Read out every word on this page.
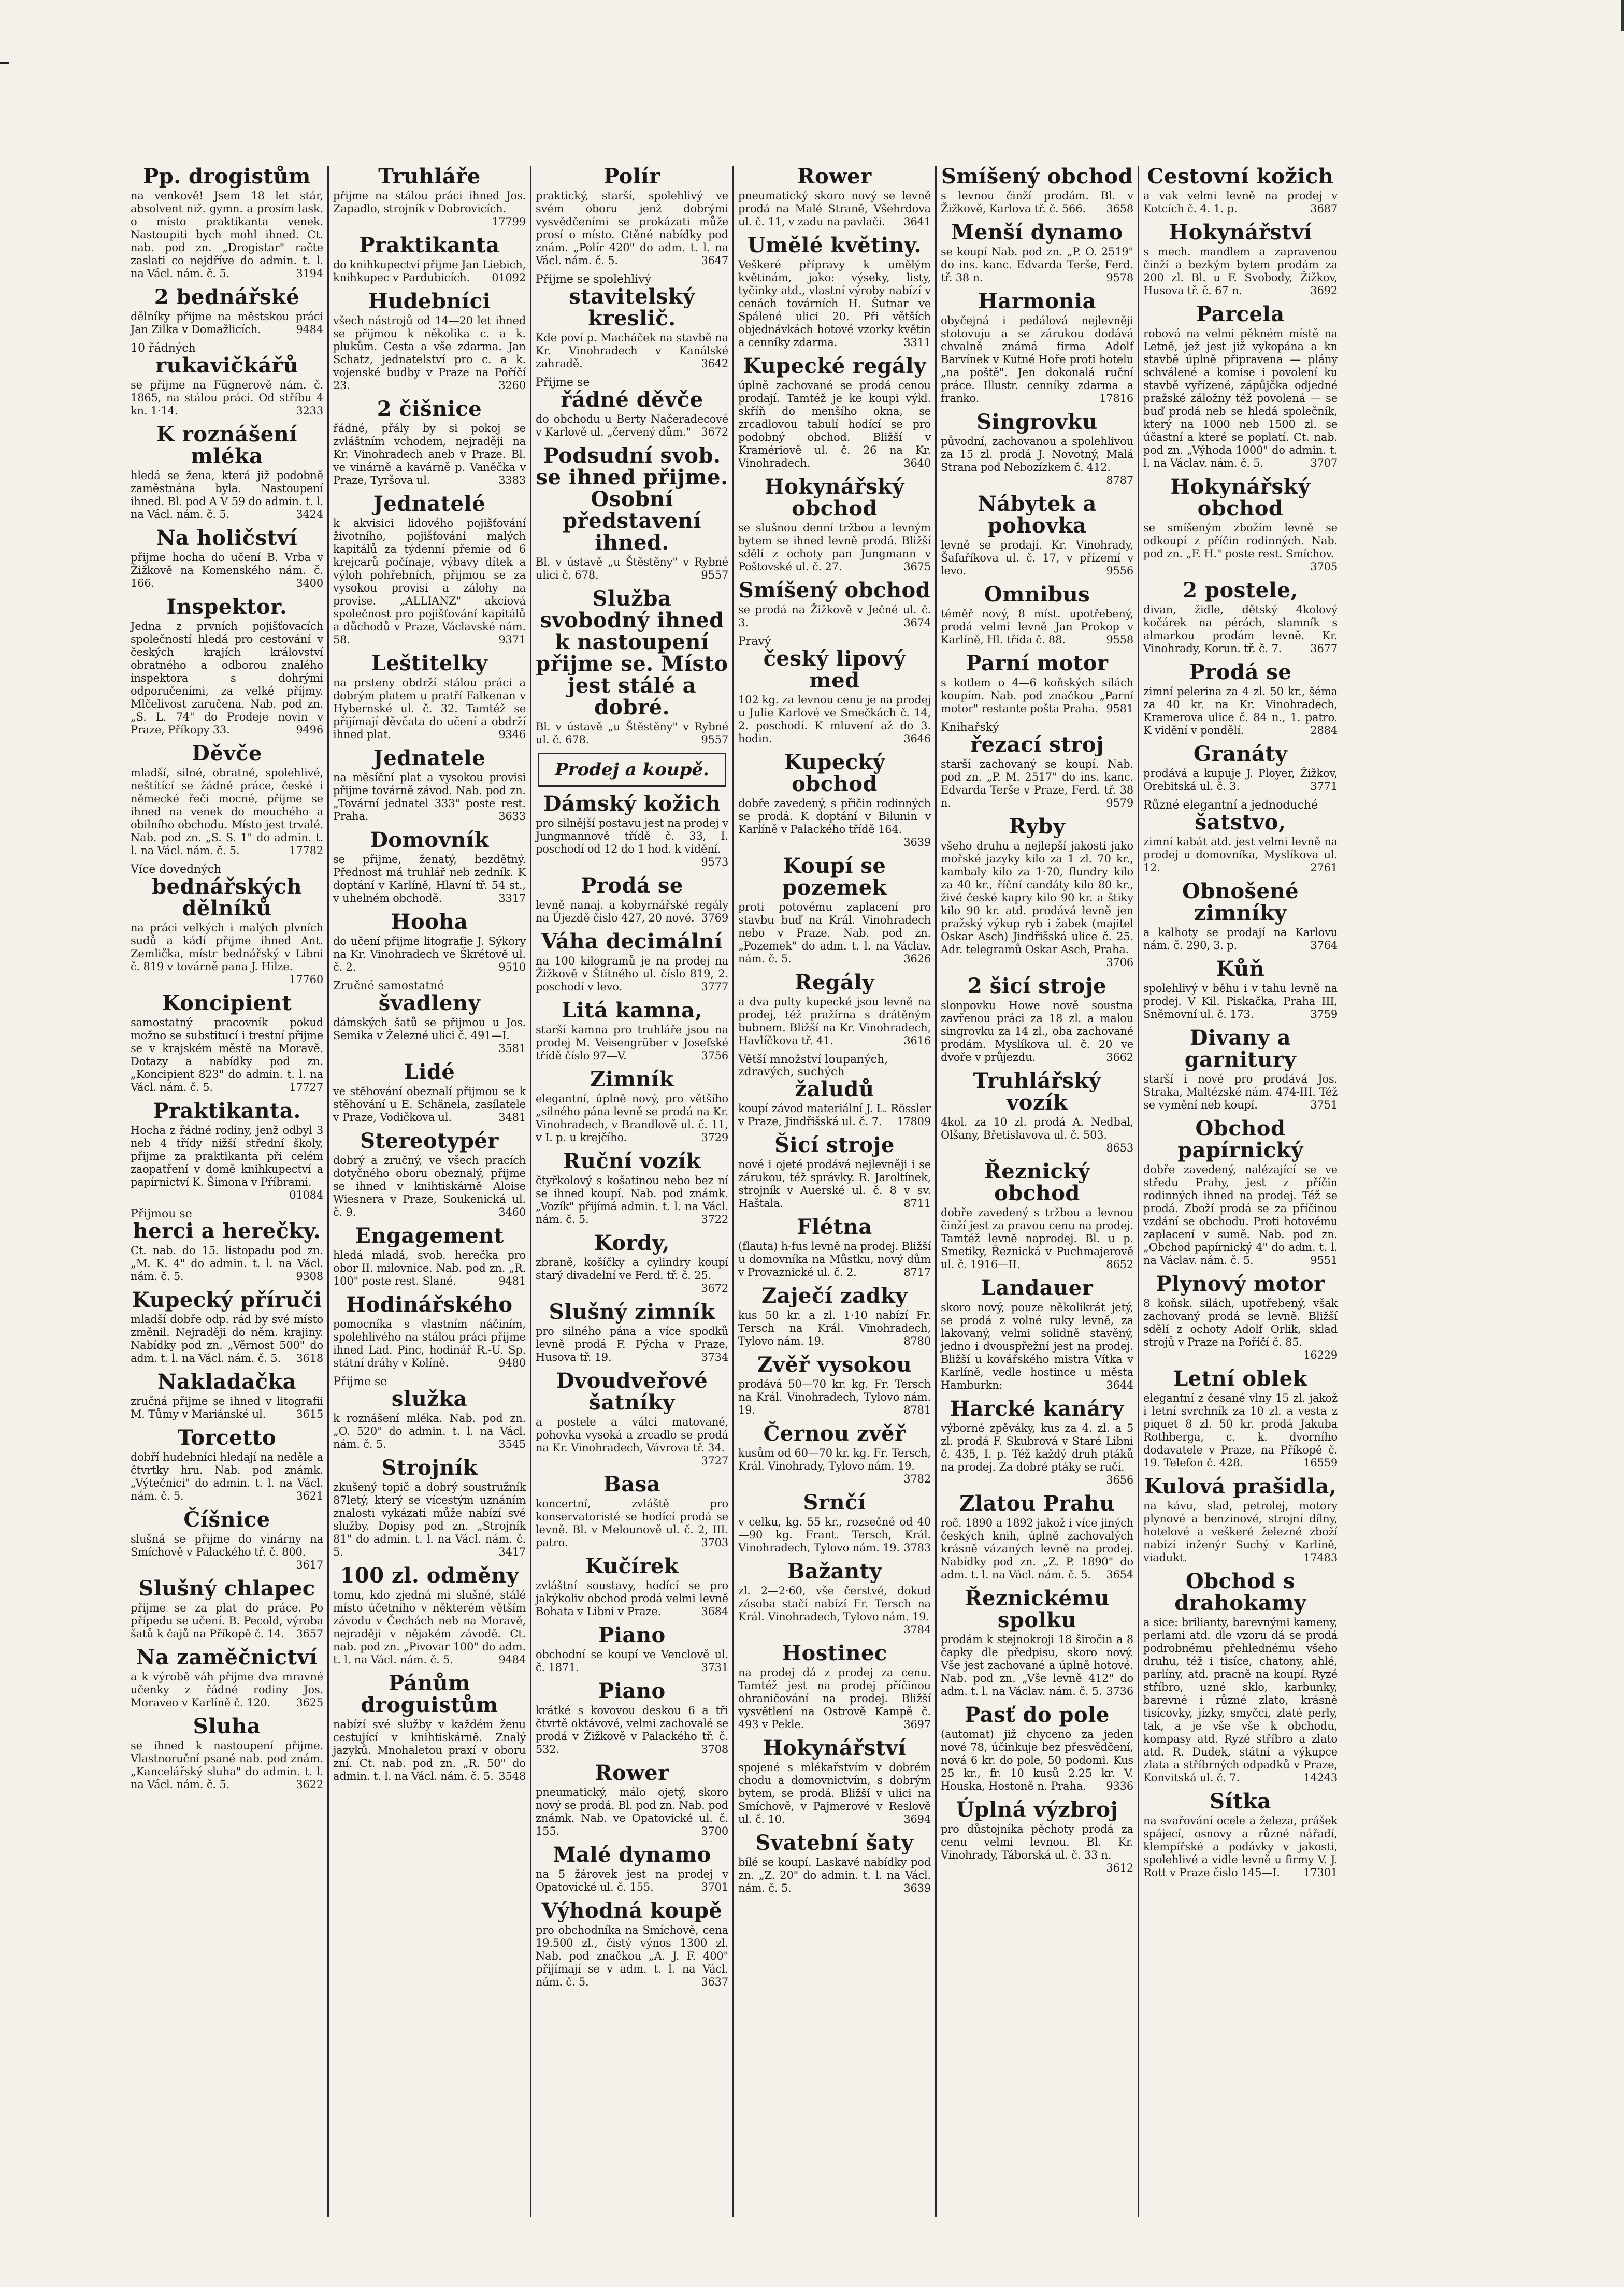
Pp. drogistům

na venkově! Jsem 18 let stár, absolvent niž. gymn. a prosím lask. o místo praktikanta venek. Nastoupiti bych mohl ihned. Ct. nab. pod zn. „Drogistar" račte zaslati co nejdříve do admin. t. l. na Václ. nám. č. 5.	3194

2 bednářské

dělníky přijme na městskou práci Jan Zilka v Domažlicích.	9484

10 řádných
rukavičkářů

se přijme na Fügnerově nám. č. 1865, na stálou práci. Od stříbu 4 kn. 1·14.	3233

K roznášení mléka

hledá se žena, která již podobně zaměstnána byla. Nastoupení ihned. Bl. pod A V 59 do admin. t. l. na Václ. nám. č. 5.	3424

Na holičství

přijme hocha do učení B. Vrba v Žižkově na Komenského nám. č. 166.	3400

Inspektor.

Jedna z prvních pojišťovacích společností hledá pro cestování v českých krajích království obratného a odborou znalého inspektora s dohrými odporučeními, za velké příjmy. Mlčelivost zaručena. Nab. pod zn. „S. L. 74" do Prodeje novin v Praze, Příkopy 33.	9496

Děvče

mladší, silné, obratné, spolehlivé, neštítící se žádné práce, české i německé řeči mocné, přijme se ihned na venek do mouchého a obilního obchodu. Místo jest trvalé. Nab. pod zn. „S. S. 1" do admin. t. l. na Václ. nám. č. 5.	17782

Více dovedných
bednářských dělníků

na práci velkých i malých plvních sudů a kádí přijme ihned Ant. Zemlička, místr bednářský v Libni č. 819 v továrně pana J. Hilze.
17760

Koncipient

samostatný pracovník pokud možno se substitucí i trestní přijme se v krajském městě na Moravě. Dotazy a nabídky pod zn. „Koncipient 823" do admin. t. l. na Václ. nám. č. 5.	17727

Praktikanta.

Hocha z řádné rodiny, jenž odbyl 3 neb 4 třídy nižší střední školy, přijme za praktikanta při celém zaopatření v domě knihkupectví a papírnictví K. Šimona v Příbrami.
01084

Přijmou se
herci a herečky.

Ct. nab. do 15. listopadu pod zn. „M. K. 4" do admin. t. l. na Václ. nám. č. 5.	9308

Kupecký příruči

mladší dobře odp. rád by své místo změnil. Nejraději do něm. krajiny. Nabídky pod zn. „Věrnost 500" do adm. t. l. na Václ. nám. č. 5. 3618

Nakladačka

zručná přijme se ihned v litografii M. Tůmy v Mariánské ul.	3615

Torcetto

dobří hudebníci hledají na neděle a čtvrtky hru. Nab. pod známk. „Výtečnici" do admin. t. l. na Václ. nám. č. 5.	3621

Číšnice

slušná se přijme do vinárny na Smíchově v Palackého tř. č. 800.
3617

Slušný chlapec

přijme se za plat do práce. Po přípedu se učení. B. Pecold, výroba šatů k čajů na Příkopě č. 14. 3657

Na zaměčnictví

a k výrobě váh přijme dva mravné učenky z řádné rodiny Jos. Moraveo v Karlíně č. 120. 3625

Sluha

se ihned k nastoupení přijme. Vlastnoruční psané nab. pod znám. „Kancelářský sluha" do admin. t. l. na Václ. nám. č. 5.	3622

Truhláře

přijme na stálou práci ihned Jos. Zapadlo, strojník v Dobrovicích.
17799

Praktikanta

do knihkupectví přijme Jan Liebich, knihkupec v Pardubicích. 01092

Hudebníci

všech nástrojů od 14—20 let ihned se přijmou k několika c. a k. plukům. Cesta a vše zdarma. Jan Schatz, jednatelství pro c. a k. vojenské budby v Praze na Poříčí 23.	3260

2 čišnice

řádné, přály by si pokoj se zvláštním vchodem, nejraději na Kr. Vinohradech aneb v Praze. Bl. ve vinárně a kavárně p. Vaněčka v Praze, Tyršova ul.	3383

Jednatelé

k akvisici lidového pojišťování životního, pojišťování malých kapitálů za týdenní přemie od 6 krejcarů počínaje, výbavy dítek a výloh pohřebních, přijmou se za vysokou provisi a zálohy na provise. „ALLIANZ" akciová společnost pro pojišťování kapitálů a důchodů v Praze, Václavské nám. 58.	9371

Leštitelky

na prsteny obdrží stálou práci a dobrým platem u pratří Falkenan v Hybernské ul. č. 32. Tamtéž se přijímají děvčata do učení a obdrží ihned plat.	9346

Jednatele

na měsíční plat a vysokou provisi přijme továrně závod. Nab. pod zn. „Tovární jednatel 333" poste rest. Praha.	3633

Domovník

se přijme, ženatý, bezdětný. Přednost má truhlář neb zedník. K doptání v Karlíně, Hlavní tř. 54 st., v uhelném obchodě.	3317

Hooha

do učení přijme litografie J. Sýkory na Kr. Vinohradech ve Škrétově ul. č. 2.	9510

Zručné samostatné
švadleny

dámských šatů se přijmou u Jos. Semika v Železné ulici č. 491—I.
3581

Lidé

ve stěhování obeznalí přijmou se k stěhování u E. Schänela, zasílatele v Praze, Vodičkova ul.	3481

Stereotypér

dobrý a zručný, ve všech pracích dotyčného oboru obeznalý, přijme se ihned v knihtiskárně Aloise Wiesnera v Praze, Soukenická ul. č. 9.	3460

Engagement

hledá mladá, svob. herečka pro obor II. milovnice. Nab. pod zn. „R. 100" poste rest. Slané.	9481

Hodinářského

pomocníka s vlastním náčiním, spolehlivého na stálou práci přijme ihned Lad. Pinc, hodinář R.-U. Sp. státní dráhy v Kolíně.	9480

Přijme se
služka

k roznášení mléka. Nab. pod zn. „O. 520" do admin. t. l. na Václ. nám. č. 5.	3545

Strojník

zkušený topič a dobrý soustružník 87letý, který se vícestým uznáním znalosti vykázati může nabízí své služby. Dopisy pod zn. „Strojník 81" do admin. t. l. na Václ. nám. č. 5.	3417

100 zl. odměny

tomu, kdo zjedná mi slušné, stálé místo účetního v některém větším závodu v Čechách neb na Moravě, nejraději v nějakém závodě. Ct. nab. pod zn. „Pivovar 100" do adm. t. l. na Václ. nám. č. 5.	9484

Pánům droguistům

nabízí své služby v každém ženu cestující v knihtiskárně. Znalý jazyků. Mnohaletou praxí v oboru zní. Ct. nab. pod zn. „R. 50" do admin. t. l. na Václ. nám. č. 5. 3548

Polír

praktický, starší, spolehlivý ve svém oboru jenž dobrými vysvědčeními se prokázati může prosí o místo. Ctěné nabídky pod znám. „Polír 420" do adm. t. l. na Václ. nám. č. 5.	3647

Přijme se spolehlivý
stavitelský kreslič.

Kde poví p. Macháček na stavbě na Kr. Vinohradech v Kanálské zahradě.	3642

Přijme se
řádné děvče

do obchodu u Berty Načeradecové v Karlově ul. „červený dům." 3672

Podsudní svob. se ihned přijme. Osobní představení ihned.

Bl. v ústavě „u Štěstěny" v Rybné ulici č. 678.	9557

Služba svobodný ihned k nastoupení přijme se. Místo jest stálé a dobré.

Bl. v ústavě „u Štěstěny" v Rybné ul. č. 678.	9557

Prodej a koupě.
Dámský kožich

pro silnější postavu jest na prodej v Jungmannově třídě č. 33, I. poschodí od 12 do 1 hod. k vidění.
9573

Prodá se

levně nanaj. a kobyrnářské regály na Újezdě čislo 427, 20 nové. 3769

Váha decimální

na 100 kilogramů je na prodej na Žižkově v Štítného ul. číslo 819, 2. poschodí v levo.	3777

Litá kamna,

starší kamna pro truhláře jsou na prodej M. Veisengrüber v Josefské třídě číslo 97—V.	3756

Zimník

elegantní, úplně nový, pro většího „silného pána levně se prodá na Kr. Vinohradech, v Brandlově ul. č. 11, v I. p. u krejčího.	3729

Ruční vozík

čtyřkolový s košatinou nebo bez ní se ihned koupí. Nab. pod známk. „Vozík" přijímá admin. t. l. na Václ. nám. č. 5.	3722

Kordy,

zbraně, košíčky a cylindry koupí starý divadelní ve Ferd. tř. č. 25.
3672

Slušný zimník

pro silného pána a více spodků levně prodá F. Pýcha v Praze, Husova tř. 19.	3734

Dvoudveřové šatníky

a postele a válci matované, pohovka vysoká a zrcadlo se prodá na Kr. Vinohradech, Vávrova tř. 34.
3727

Basa

koncertní, zvláště pro konservatoristé se hodící prodá se levně. Bl. v Melounově ul. č. 2, III. patro.	3703

Kučírek

zvláštní soustavy, hodící se pro jakýkoliv obchod prodá velmi levně Bohata v Libni v Praze.	3684

Piano

obchodní se koupí ve Venclově ul. č. 1871.	3731

Piano

krátké s kovovou deskou 6 a tři čtvrtě oktávové, velmi zachovalé se prodá v Žižkově v Palackého tř. č. 532.	3708

Rower

pneumatický, málo ojetý, skoro nový se prodá. Bl. pod zn. Nab. pod známk. Nab. ve Opatovické ul. č. 155.	3700

Malé dynamo

na 5 žárovek jest na prodej v Opatovické ul. č. 155.	3701

Výhodná koupě

pro obchodníka na Smíchově, cena 19.500 zl., čistý výnos 1300 zl. Nab. pod značkou „A. J. F. 400" přijímají se v adm. t. l. na Václ. nám. č. 5.	3637

Rower

pneumatický skoro nový se levně prodá na Malé Straně, Všehrdova ul. č. 11, v zadu na pavlači. 3641

Umělé květiny.

Veškeré přípravy k umělým květinám, jako: výseky, listy, tyčinky atd., vlastní výroby nabízí v cenách továrních H. Šutnar ve Spálené ulici 20. Při větších objednávkách hotové vzorky květin a cenníky zdarma.	3311

Kupecké regály

úplně zachované se prodá cenou prodají. Tamtéž je ke koupi výkl. skříň do menšího okna, se zrcadlovou tabulí hodící se pro podobný obchod. Bližší v Kramériově ul. č. 26 na Kr. Vinohradech.	3640

Hokynářský obchod

se slušnou denní tržbou a levným bytem se ihned levně prodá. Bližší sdělí z ochoty pan Jungmann v Poštovské ul. č. 27.	3675

Smíšený obchod

se prodá na Žižkově v Ječné ul. č. 3.	3674

Pravý
český lipový med

102 kg. za levnou cenu je na prodej u Julie Karlové ve Smečkách č. 14, 2. poschodí. K mluvení až do 3. hodin.	3646

Kupecký obchod

dobře zavedený, s přičin rodinných se prodá. K doptání v Bilunin v Karlíně v Palackého třídě 164.
3639

Koupí se pozemek

proti potovému zaplacení pro stavbu buď na Král. Vinohradech nebo v Prazе. Nab. pod zn. „Pozemek" do adm. t. l. na Václav. nám. č. 5.	3626

Regály

a dva pulty kupecké jsou levně na prodej, též pražírna s drátěným bubnem. Bližší na Kr. Vinohradech, Havlíčkova tř. 41.	3616

Větší množství loupaných, zdravých, suchých
žaludů

koupí závod materiální J. L. Rössler v Praze, Jindřišská ul. č. 7. 17809

Šicí stroje

nové i ojeté prodává nejlevněji i se zárukou, též správky. R. Jaroltínek, strojník v Auerské ul. č. 8 v sv. Haštala.	8711

Flétna

(flauta) h-fus levně na prodej. Bližší u domovníka na Můstku, nový dům v Provaznické ul. č. 2.	8717

Zaječí zadky

kus 50 kr. a zl. 1·10 nabízí Fr. Tersch na Král. Vinohradech, Tylovo nám. 19.	8780

Zvěř vysokou

prodává 50—70 kr. kg. Fr. Tersch na Král. Vinohradech, Tylovo nám. 19.	8781

Černou zvěř

kusům od 60—70 kr. kg. Fr. Tersch, Král. Vinohrady, Tylovo nám. 19.
3782

Srnčí

v celku, kg. 55 kr., rozsečné od 40—90 kg. Frant. Tersch, Král. Vinohradech, Tylovo nám. 19. 3783

Bažanty

zl. 2—2·60, vše čerstvé, dokud zásoba stačí nabízí Fr. Tersch na Král. Vinohradech, Tylovo nám. 19.
3784

Hostinec

na prodej dá z prodej za cenu. Tamtéž jest na prodej příčinou ohraničování na prodej. Bližší vysvětlení na Ostrově Kampě č. 493 v Pekle.	3697

Hokynářství

spojené s mlékařstvím v dobrém chodu a domovnictvím, s dobrým bytem, se prodá. Bližší v ulici na Smíchově, v Pajmerové v Reslově ul. č. 10.	3694

Svatební šaty

bílé se koupí. Laskavé nabídky pod zn. „Z. 20" do admin. t. l. na Václ. nám. č. 5.	3639

Smíšený obchod

s levnou činží prodám. Bl. v Žižkově, Karlova tř. č. 566. 3658

Menší dynamo

se koupí Nab. pod zn. „P. O. 2519" do ins. kanc. Edvarda Terše, Ferd. tř. 38 n.	9578

Harmonia

obyčejná i pedálová nejlevněji stotovuju a se zárukou dodává chvalně známá firma Adolf Barvínek v Kutné Hoře proti hotelu „na poště". Jen dokonalá ruční práce. Illustr. cenníky zdarma a franko.	17816

Singrovku

původní, zachovanou a spolehlivou za 15 zl. prodá J. Novotný, Malá Strana pod Nebozízkem č. 412.
8787

Nábytek a pohovka

levně se prodají. Kr. Vinohrady, Šafaříkova ul. č. 17, v přízemí v levo.	9556

Omnibus

téměř nový, 8 míst. upotřebený, prodá velmi levně Jan Prokop v Karlíně, Hl. třída č. 88.	9558

Parní motor

s kotlem o 4—6 koňských silách koupím. Nab. pod značkou „Parní motor" restante pošta Praha. 9581

Knihařský
řezací stroj

starší zachovaný se koupí. Nab. pod zn. „P. M. 2517" do ins. kanc. Edvarda Terše v Praze, Ferd. tř. 38 n.	9579

Ryby

všeho druhu a nejlepší jakosti jako mořské jazyky kilo za 1 zl. 70 kr., kambaly kilo za 1·70, flundry kilo za 40 kr., říční candáty kilo 80 kr., živé české kapry kilo 90 kr. a štiky kilo 90 kr. atd. prodává levně jen pražský výkup ryb i žabek (majitel Oskar Asch) Jindřišská ulice č. 25. Adr. telegramů Oskar Asch, Praha.
3706

2 šicí stroje

slonpovku Howe nově soustna zavřenou práci za 18 zl. a malou singrovku za 14 zl., oba zachované prodám. Myslíkova ul. č. 20 ve dvoře v průjezdu.	3662

Truhlářský vozík

4kol. za 10 zl. prodá A. Nedbal, Olšany, Břetislavova ul. č. 503.
8653

Řeznický obchod

dobře zavedený s tržbou a levnou činží jest za pravou cenu na prodej. Tamtéž levně naprodej. Bl. u p. Smetiky, Řeznická v Puchmajerově ul. č. 1916—II.	8652

Landauer

skoro nový, pouze několikrát jetý, se prodá z volné ruky levně, za lakovaný, velmi solidně stavěný, jedno i dvouspřežní jest na prodej. Bližší u kovářského mistra Vítka v Karlíně, vedle hostince u města Hamburkn:	3644

Harcké kanáry

výborné zpěváky, kus za 4. zl. a 5 zl. prodá F. Skubrová v Staré Libni č. 435, I. p. Též každý druh ptáků na prodej. Za dobré ptáky se ručí.
3656

Zlatou Prahu

roč. 1890 a 1892 jakož i více jiných českých knih, úplně zachovalých krásně vázaných levně na prodej. Nabídky pod zn. „Z. P. 1890" do adm. t. l. na Václ. nám. č. 5. 3654

Řeznickému spolku

prodám k stejnokroji 18 širočin a 8 čapky dle předpisu, skoro nový. Vše jest zachované a úplně hotové. Nab. pod zn. „Vše levně 412" do adm. t. l. na Václav. nám. č. 5. 3736

Pasť do pole

(automat) již chyceno za jeden nové 78, účinkuje bez přesvědčení, nová 6 kr. do pole, 50 podomi. Kus 25 kr., fr. 10 kusů 2.25 kr. V. Houska, Hostoně n. Praha. 9336

Úplná výzbroj

pro důstojníka pěchoty prodá za cenu velmi levnou. Bl. Kr. Vinohrady, Táborská ul. č. 33 n.
3612

Cestovní kožich

a vak velmi levně na prodej v Kotcích č. 4. 1. p.	3687

Hokynářství

s mech. mandlem a zapravenou činží a bezkým bytem prodám za 200 zl. Bl. u F. Svobody, Žižkov, Husova tř. č. 67 n.	3692

Parcela

robová na velmi pěkném místě na Letně, jež jest již vykopána a kn stavbě úplně připravena — plány schválené a komise i povolení ku stavbě vyřízené, zápůjčka odjedné pražské záložny též povolená — se buď prodá neb se hledá společník, který na 1000 neb 1500 zl. se účastní a které se poplatí. Ct. nab. pod zn. „Výhoda 1000" do admin. t. l. na Václav. nám. č. 5.	3707

Hokynářský obchod

se smíšeným zbožím levně se odkoupí z příčin rodinných. Nab. pod zn. „F. H." poste rest. Smíchov.
3705

2 postele,

divan, židle, dětský 4kolový kočárek na pérách, slamník s almarkou prodám levně. Kr. Vinohrady, Korun. tř. č. 7.	3677

Prodá se

zimní pelerina za 4 zl. 50 kr., šéma za 40 kr. na Kr. Vinohradech, Kramerova ulice č. 84 n., 1. patro. K vidění v pondělí.	2884

Granáty

prodává a kupuje J. Ployer, Žižkov, Orebitská ul. č. 3.	3771

Různé elegantní a jednoduché
šatstvo,

zimní kabát atd. jest velmi levně na prodej u domovníka, Myslíkova ul. 12.	2761

Obnošené zimníky

a kalhoty se prodají na Karlovu nám. č. 290, 3. p.	3764

Kůň

spolehlivý v běhu i v tahu levně na prodej. V Kil. Piskačka, Praha III, Sněmovní ul. č. 173.	3759

Divany a garnitury

starší i nové pro prodává Jos. Straka, Maltézské nám. 474-III. Též se vymění neb koupí.	3751

Obchod papírnický

dobře zavedený, nalézající se ve středu Prahy, jest z příčin rodinných ihned na prodej. Též se prodá. Zboží prodá se za příčinou vzdání se obchodu. Proti hotovému zaplacení v sumě. Nab. pod zn. „Obchod papírnický 4" do adm. t. l. na Václav. nám. č. 5.	9551

Plynový motor

8 koňsk. silách, upotřebený, však zachovaný prodá se levně. Bližší sdělí z ochoty Adolf Orlik, sklad strojů v Praze na Poříčí č. 85.
16229

Letní oblek

elegantní z česané vlny 15 zl. jakož i letní svrchník za 10 zl. a vesta z piquet 8 zl. 50 kr. prodá Jakuba Rothberga, c. k. dvorního dodavatele v Praze, na Příkopě č. 19. Telefon č. 428.	16559

Kulová prašidla,

na kávu, slad, petrolej, motory plynové a benzinové, strojní dílny, hotelové a veškeré železné zboží nabízí inženýr Suchý v Karlíně, viadukt.	17483

Obchod s drahokamy

a sice: brilianty, barevnými kameny, perlami atd. dle vzoru dá se prodá podrobnému přehlednému všeho druhu, též i tisíce, chatony, ahlé, parlíny, atd. pracně na koupí. Ryzé stříbro, uzné sklo, karbunky, barevné i různé zlato, krásně tisícovky, jízky, smyčci, zlaté perly, tak, a je vše vše k obchodu, kompasy atd. Ryzé stříbro a zlato atd. R. Dudek, státní a výkupce zlata a stříbrných odpadků v Praze, Konvitská ul. č. 7.	14243

Sítka

na svařování ocele a železa, prášek spájecí, osnovy a různé nářadí, klempířské a podávky v jakosti, spolehlivé a vidle levně u firmy V. J. Rott v Praze čislo 145—I. 17301
